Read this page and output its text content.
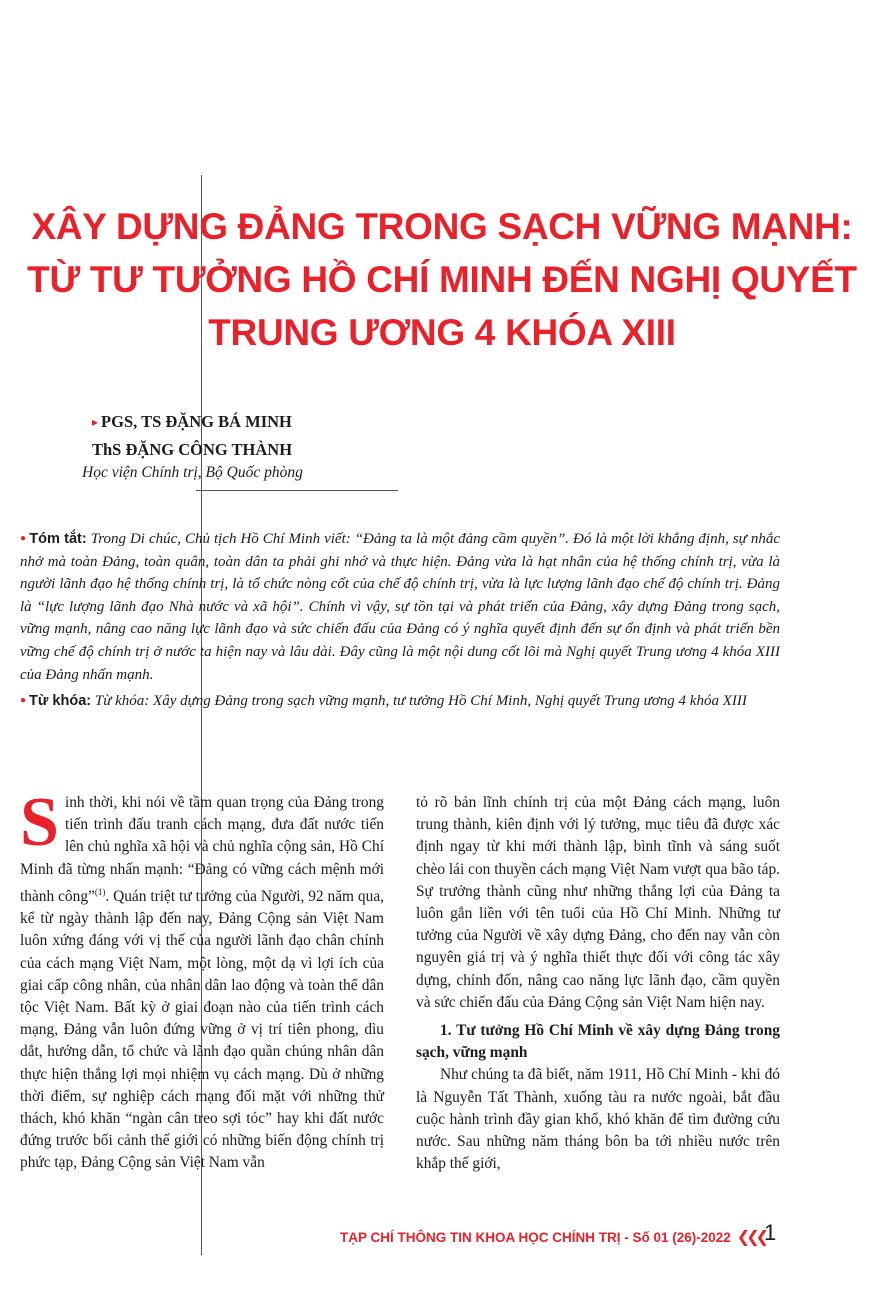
XÂY DỰNG ĐẢNG TRONG SẠCH VỮNG MẠNH:
TỪ TƯ TƯỞNG HỒ CHÍ MINH ĐẾN NGHỊ QUYẾT
TRUNG ƯƠNG 4 KHÓA XIII
▸ PGS, TS ĐẶNG BÁ MINH
ThS ĐẶNG CÔNG THÀNH
Học viện Chính trị, Bộ Quốc phòng

● Tóm tắt: Trong Di chúc, Chủ tịch Hồ Chí Minh viết: “Đảng ta là một đảng cầm quyền”. Đó là một lời khẳng định, sự nhắc nhở mà toàn Đảng, toàn quân, toàn dân ta phải ghi nhớ và thực hiện. Đảng vừa là hạt nhân của hệ thống chính trị, vừa là người lãnh đạo hệ thống chính trị, là tổ chức nòng cốt của chế độ chính trị, vừa là lực lượng lãnh đạo chế độ chính trị. Đảng là “lực lượng lãnh đạo Nhà nước và xã hội”. Chính vì vậy, sự tồn tại và phát triển của Đảng, xây dựng Đảng trong sạch, vững mạnh, nâng cao năng lực lãnh đạo và sức chiến đấu của Đảng có ý nghĩa quyết định đến sự ổn định và phát triển bền vững chế độ chính trị ở nước ta hiện nay và lâu dài. Đây cũng là một nội dung cốt lõi mà Nghị quyết Trung ương 4 khóa XIII của Đảng nhấn mạnh.

● Từ khóa: Từ khóa: Xây dựng Đảng trong sạch vững mạnh, tư tưởng Hồ Chí Minh, Nghị quyết Trung ương 4 khóa XIII

Sinh thời, khi nói về tầm quan trọng của Đảng trong tiến trình đấu tranh cách mạng, đưa đất nước tiến lên chủ nghĩa xã hội và chủ nghĩa cộng sản, Hồ Chí Minh đã từng nhấn mạnh: “Đảng có vững cách mệnh mới thành công”$^{(1)}$. Quán triệt tư tưởng của Người, 92 năm qua, kể từ ngày thành lập đến nay, Đảng Cộng sản Việt Nam luôn xứng đáng với vị thế của người lãnh đạo chân chính của cách mạng Việt Nam, một lòng, một dạ vì lợi ích của giai cấp công nhân, của nhân dân lao động và toàn thể dân tộc Việt Nam. Bất kỳ ở giai đoạn nào của tiến trình cách mạng, Đảng vẫn luôn đứng vững ở vị trí tiên phong, dìu dắt, hướng dẫn, tổ chức và lãnh đạo quần chúng nhân dân thực hiện thắng lợi mọi nhiệm vụ cách mạng. Dù ở những thời điểm, sự nghiệp cách mạng đối mặt với những thử thách, khó khăn “ngàn cân treo sợi tóc” hay khi đất nước đứng trước bối cảnh thế giới có những biến động chính trị phức tạp, Đảng Cộng sản Việt Nam vẫn

tỏ rõ bản lĩnh chính trị của một Đảng cách mạng, luôn trung thành, kiên định với lý tưởng, mục tiêu đã được xác định ngay từ khi mới thành lập, bình tĩnh và sáng suốt chèo lái con thuyền cách mạng Việt Nam vượt qua bão táp. Sự trưởng thành cũng như những thắng lợi của Đảng ta luôn gắn liền với tên tuổi của Hồ Chí Minh. Những tư tưởng của Người về xây dựng Đảng, cho đến nay vẫn còn nguyên giá trị và ý nghĩa thiết thực đối với công tác xây dựng, chỉnh đốn, nâng cao năng lực lãnh đạo, cầm quyền và sức chiến đấu của Đảng Cộng sản Việt Nam hiện nay.

1. Tư tưởng Hồ Chí Minh về xây dựng Đảng trong sạch, vững mạnh

Như chúng ta đã biết, năm 1911, Hồ Chí Minh - khi đó là Nguyễn Tất Thành, xuống tàu ra nước ngoài, bắt đầu cuộc hành trình đầy gian khổ, khó khăn để tìm đường cứu nước. Sau những năm tháng bôn ba tới nhiều nước trên khắp thế giới,

TẠP CHÍ THÔNG TIN KHOA HỌC CHÍNH TRỊ - Số 01 (26)-2022 ❮❮❮
1
